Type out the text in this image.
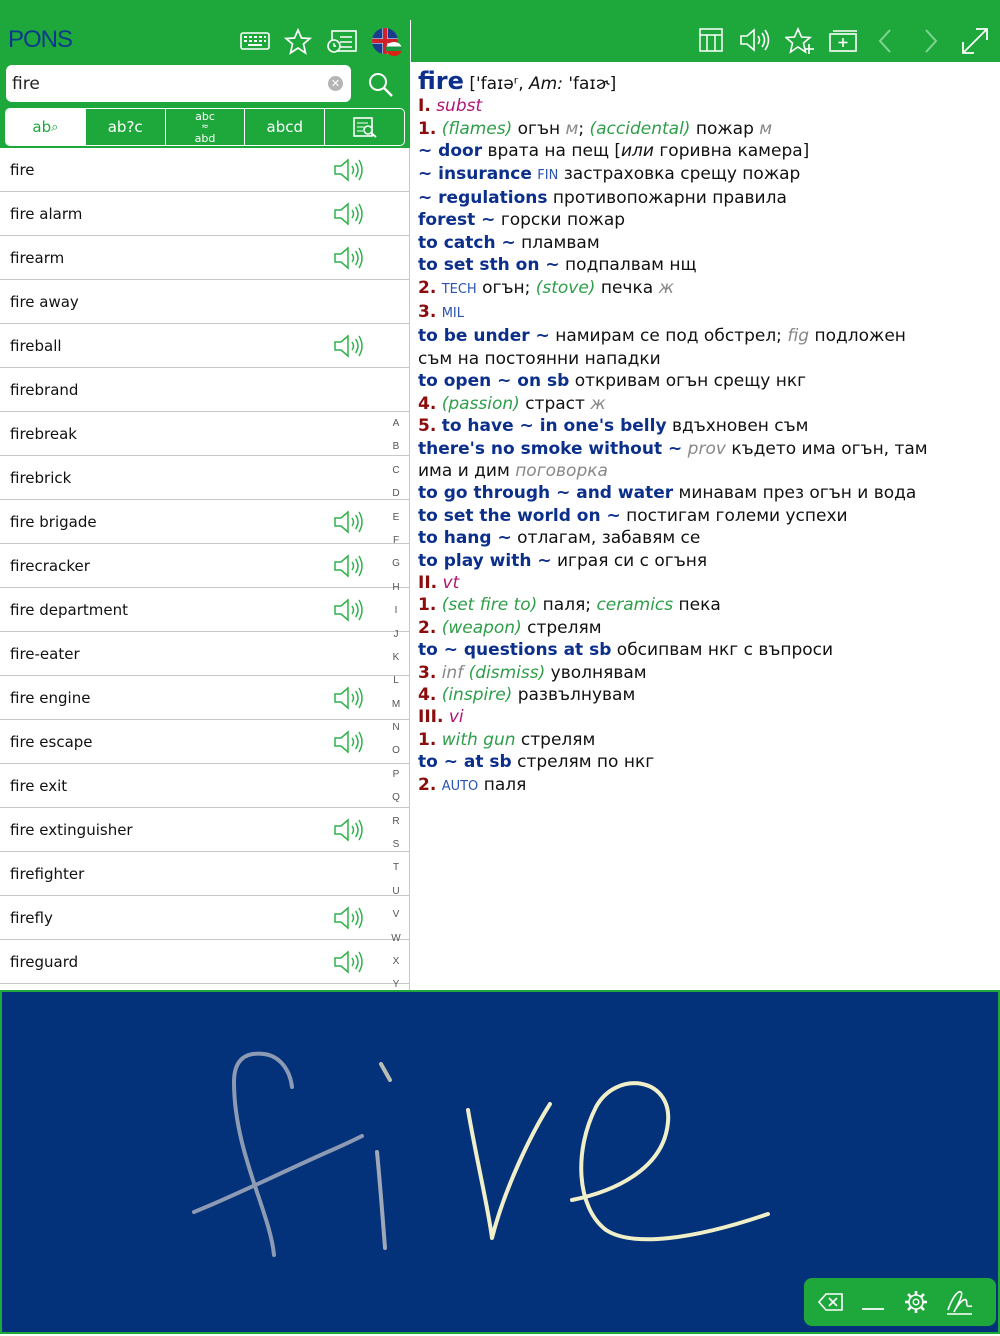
PONS
fire
✕
ab ⌕	ab?c
abc
≈
abd
abcd
fire
fire alarm
firearm
fire away
fireball
firebrand
firebreak
firebrick
fire brigade
firecracker
fire department
fire-eater
fire engine
fire escape
fire exit
fire extinguisher
firefighter
firefly
fireguard
A
B
C
D
E
F
G
H
I
J
K
L
M
N
O
P
Q
R
S
T
U
V
W
X
Y

fire ['faɪəʳ, Am: 'faɪɚ]

I. subst

1. (flames) огън м; (accidental) пожар м

~ door врата на пещ [или горивна камера]

~ insurance FIN застраховка срещу пожар

~ regulations противопожарни правила

forest ~ горски пожар

to catch ~ пламвам

to set sth on ~ подпалвам нщ

2. TECH огън; (stove) печка ж

3. MIL

to be under ~ намирам се под обстрел; fig подложен

съм на постоянни нападки

to open ~ on sb откривам огън срещу нкг

4. (passion) страст ж

5. to have ~ in one's belly вдъхновен съм

there's no smoke without ~ prov където има огън, там

има и дим поговорка

to go through ~ and water минавам през огън и вода

to set the world on ~ постигам големи успехи

to hang ~ отлагам, забавям се

to play with ~ играя си с огъня

II. vt

1. (set fire to) паля; ceramics пека

2. (weapon) стрелям

to ~ questions at sb обсипвам нкг с въпроси

3. inf (dismiss) уволнявам

4. (inspire) развълнувам

III. vi

1. with gun стрелям

to ~ at sb стрелям по нкг

2. AUTO паля
